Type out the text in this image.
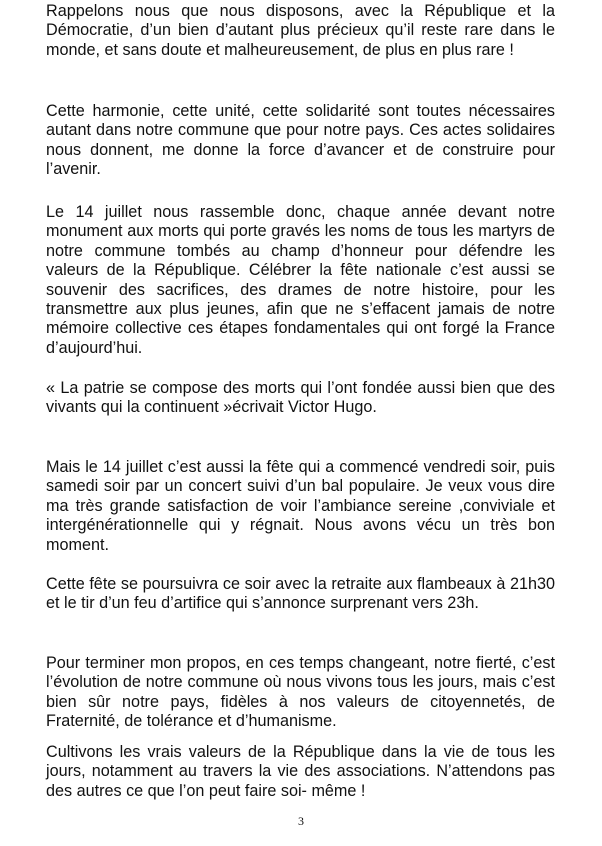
Rappelons nous que nous disposons, avec la République et la Démocratie, d’un bien d’autant plus précieux qu’il reste rare dans le monde, et sans doute et malheureusement, de plus en plus rare !

Cette harmonie, cette unité, cette solidarité sont toutes nécessaires autant dans notre commune que pour notre pays. Ces actes solidaires nous donnent, me donne la force d’avancer et de construire pour l’avenir.

Le 14 juillet nous rassemble donc, chaque année devant notre monument aux morts qui porte gravés les noms de tous les martyrs de notre commune tombés au champ d’honneur pour défendre les valeurs de la République. Célébrer la fête nationale c’est aussi se souvenir des sacrifices, des drames de notre histoire, pour les transmettre aux plus jeunes, afin que ne s’effacent jamais de notre mémoire collective ces étapes fondamentales qui ont forgé la France d’aujourd’hui.

« La patrie se compose des morts qui l’ont fondée aussi bien que des vivants qui la continuent »écrivait Victor Hugo.

Mais le 14 juillet c’est aussi la fête qui a commencé vendredi soir, puis samedi soir par un concert suivi d’un bal populaire. Je veux vous dire ma très grande satisfaction de voir l’ambiance sereine ,conviviale et intergénérationnelle qui y régnait. Nous avons vécu un très bon moment.

Cette fête se poursuivra ce soir avec la retraite aux flambeaux à 21h30 et le tir d’un feu d’artifice qui s’annonce surprenant vers 23h.

Pour terminer mon propos, en ces temps changeant, notre fierté, c’est l’évolution de notre commune où nous vivons tous les jours, mais c’est bien sûr notre pays, fidèles à nos valeurs de citoyennetés, de Fraternité, de tolérance et d’humanisme.

Cultivons les vrais valeurs de la République dans la vie de tous les jours, notamment au travers la vie des associations. N’attendons pas des autres ce que l’on peut faire soi- même !

3
